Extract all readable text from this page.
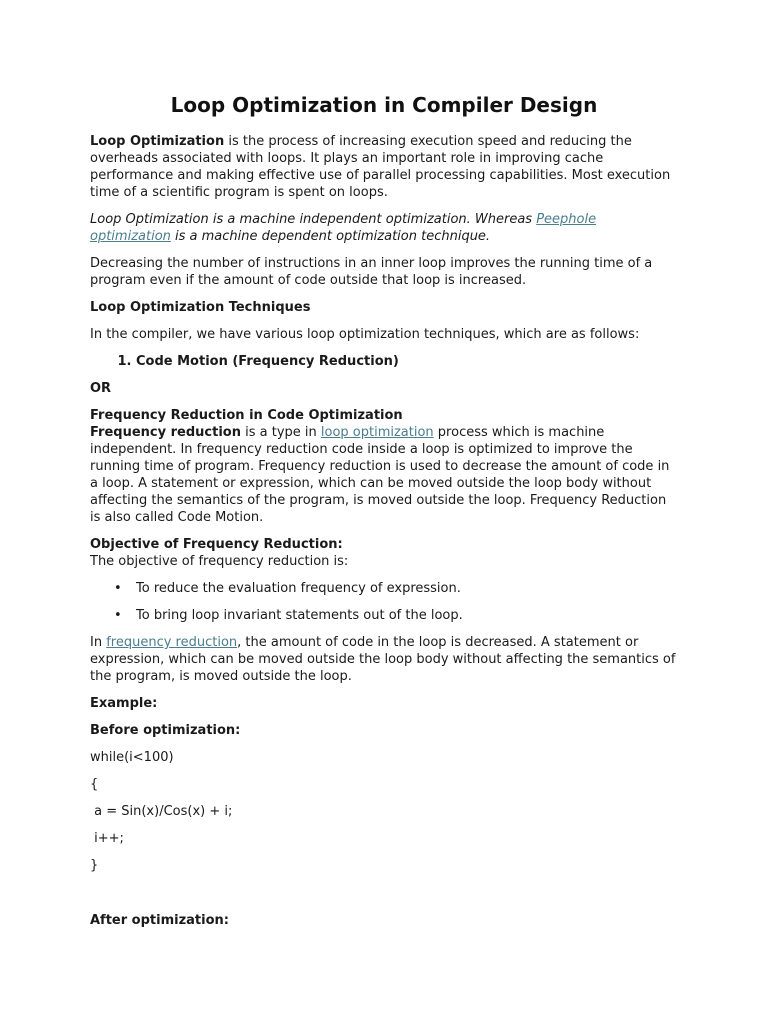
Loop Optimization in Compiler Design

Loop Optimization is the process of increasing execution speed and reducing the overheads associated with loops. It plays an important role in improving cache performance and making effective use of parallel processing capabilities. Most execution time of a scientific program is spent on loops.

Loop Optimization is a machine independent optimization. Whereas Peephole optimization is a machine dependent optimization technique.

Decreasing the number of instructions in an inner loop improves the running time of a program even if the amount of code outside that loop is increased.

Loop Optimization Techniques

In the compiler, we have various loop optimization techniques, which are as follows:

1. Code Motion (Frequency Reduction)

OR

Frequency Reduction in Code Optimization

Frequency reduction is a type in loop optimization process which is machine independent. In frequency reduction code inside a loop is optimized to improve the running time of program. Frequency reduction is used to decrease the amount of code in a loop. A statement or expression, which can be moved outside the loop body without affecting the semantics of the program, is moved outside the loop. Frequency Reduction is also called Code Motion.

Objective of Frequency Reduction:

The objective of frequency reduction is:

• To reduce the evaluation frequency of expression.
• To bring loop invariant statements out of the loop.

In frequency reduction, the amount of code in the loop is decreased. A statement or expression, which can be moved outside the loop body without affecting the semantics of the program, is moved outside the loop.

Example:

Before optimization:

while(i<100)

{

a = Sin(x)/Cos(x) + i;

i++;

}

After optimization:
